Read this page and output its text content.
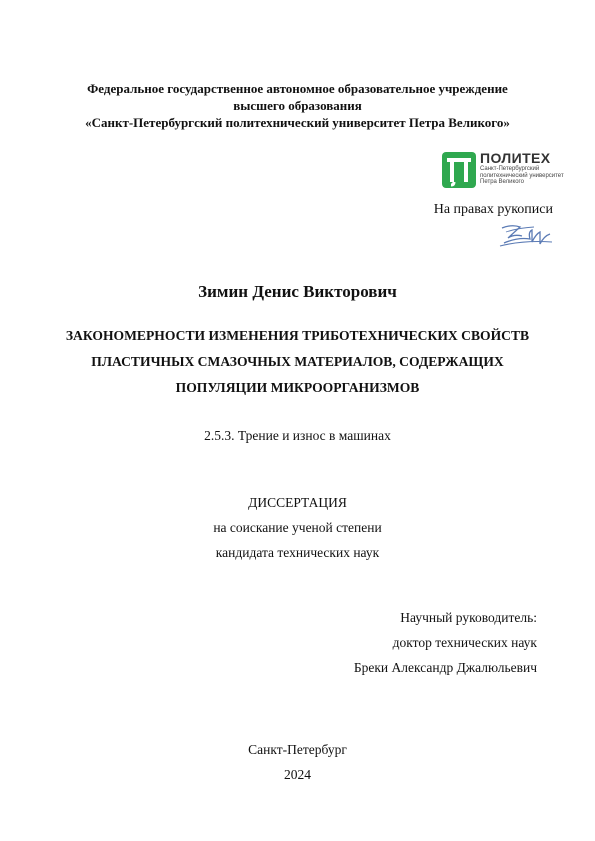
Федеральное государственное автономное образовательное учреждение
высшего образования
«Санкт-Петербургский политехнический университет Петра Великого»
ПОЛИТЕХ
Санкт-Петербургский
политехнический университет
Петра Великого
На правах рукописи
Зимин Денис Викторович
ЗАКОНОМЕРНОСТИ ИЗМЕНЕНИЯ ТРИБОТЕХНИЧЕСКИХ СВОЙСТВ
ПЛАСТИЧНЫХ СМАЗОЧНЫХ МАТЕРИАЛОВ, СОДЕРЖАЩИХ
ПОПУЛЯЦИИ МИКРООРГАНИЗМОВ
2.5.3. Трение и износ в машинах
ДИССЕРТАЦИЯ
на соискание ученой степени
кандидата технических наук
Научный руководитель:
доктор технических наук
Бреки Александр Джалюльевич
Санкт-Петербург
2024
